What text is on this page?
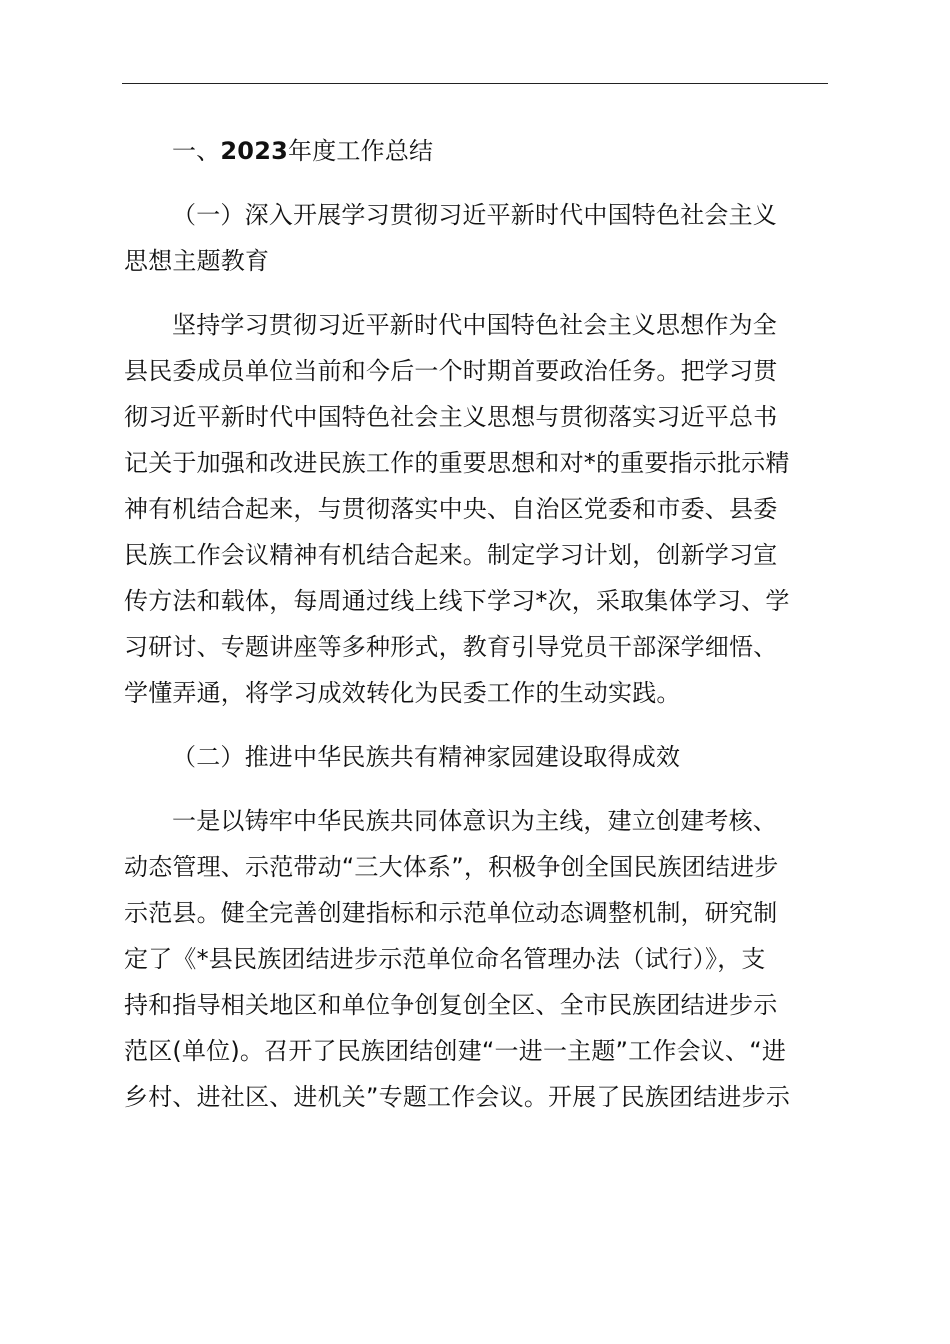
一、2023年度工作总结
（一）深入开展学习贯彻习近平新时代中国特色社会主义
思想主题教育
坚持学习贯彻习近平新时代中国特色社会主义思想作为全
县民委成员单位当前和今后一个时期首要政治任务。把学习贯
彻习近平新时代中国特色社会主义思想与贯彻落实习近平总书
记关于加强和改进民族工作的重要思想和对*的重要指示批示精
神有机结合起来，与贯彻落实中央、自治区党委和市委、县委
民族工作会议精神有机结合起来。制定学习计划，创新学习宣
传方法和载体，每周通过线上线下学习*次，采取集体学习、学
习研讨、专题讲座等多种形式，教育引导党员干部深学细悟、
学懂弄通，将学习成效转化为民委工作的生动实践。
（二）推进中华民族共有精神家园建设取得成效
一是以铸牢中华民族共同体意识为主线，建立创建考核、
动态管理、示范带动“三大体系”，积极争创全国民族团结进步
示范县。健全完善创建指标和示范单位动态调整机制，研究制
定了《*县民族团结进步示范单位命名管理办法（试行）》，支
持和指导相关地区和单位争创复创全区、全市民族团结进步示
范区(单位)。召开了民族团结创建“一进一主题”工作会议、“进
乡村、进社区、进机关”专题工作会议。开展了民族团结进步示
